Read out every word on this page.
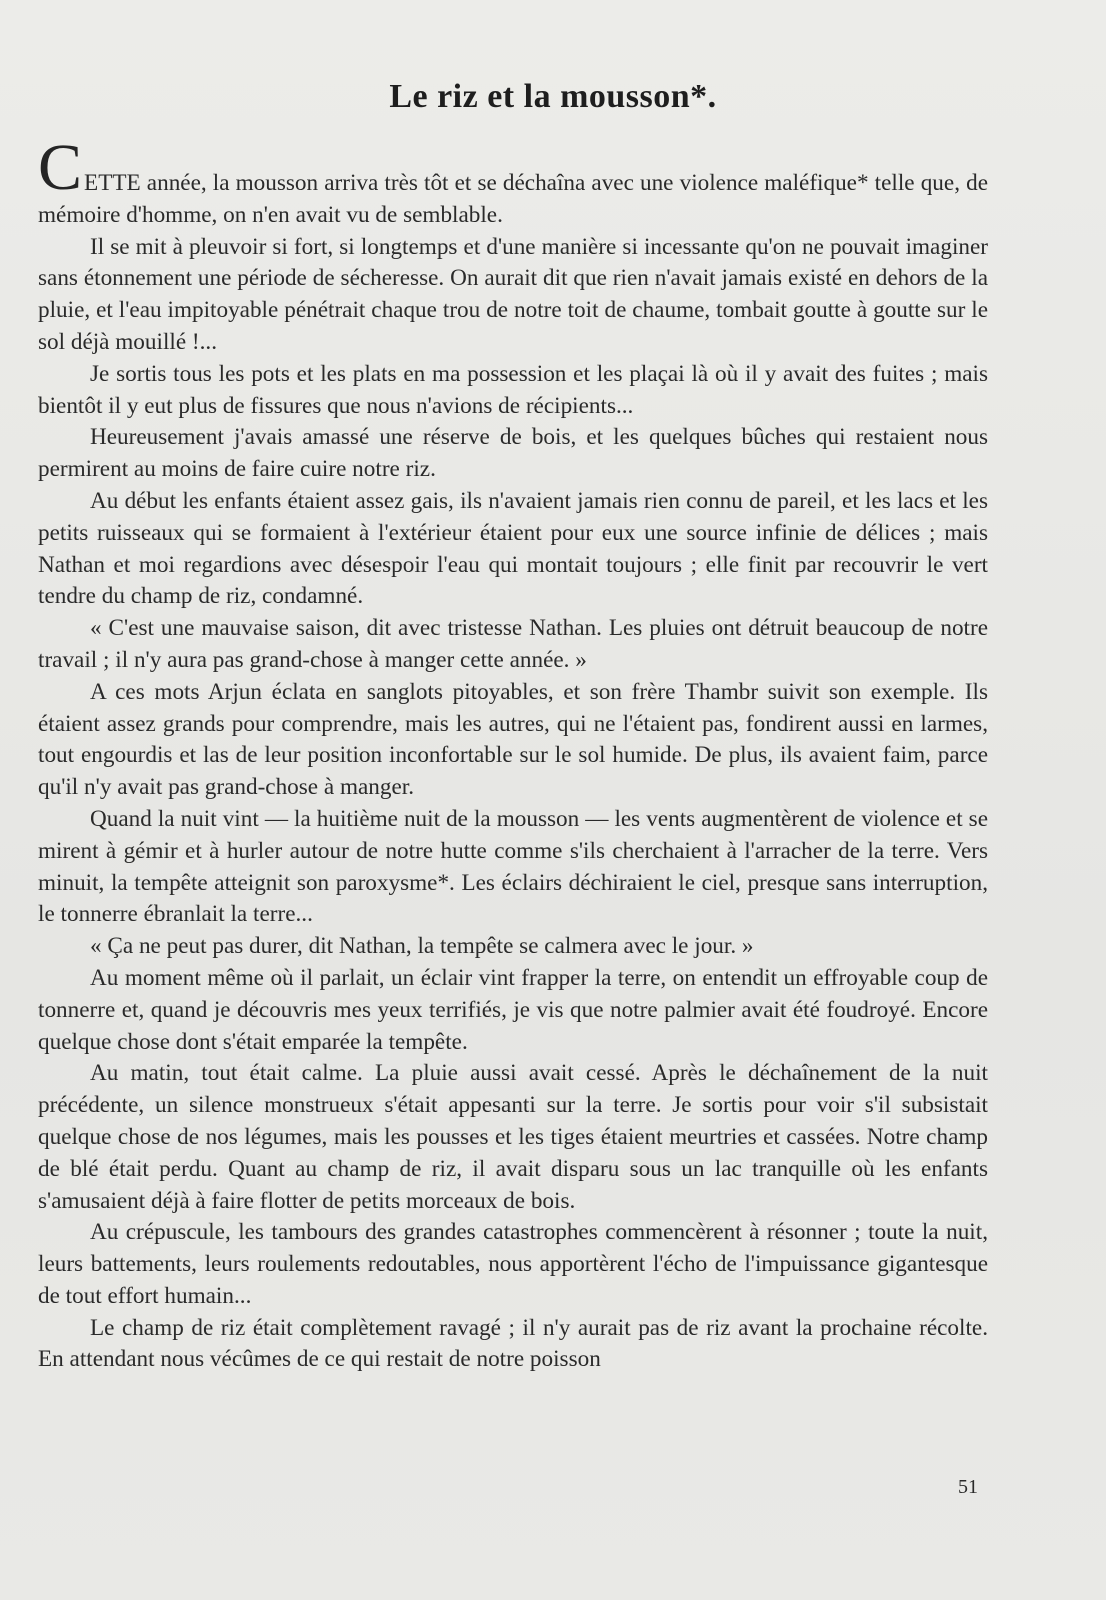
Le riz et la mousson*.

CETTE année, la mousson arriva très tôt et se déchaîna avec une violence maléfique* telle que, de mémoire d'homme, on n'en avait vu de semblable.

Il se mit à pleuvoir si fort, si longtemps et d'une manière si incessante qu'on ne pouvait imaginer sans étonnement une période de sécheresse. On aurait dit que rien n'avait jamais existé en dehors de la pluie, et l'eau impitoyable pénétrait chaque trou de notre toit de chaume, tombait goutte à goutte sur le sol déjà mouillé !...

Je sortis tous les pots et les plats en ma possession et les plaçai là où il y avait des fuites ; mais bientôt il y eut plus de fissures que nous n'avions de récipients...

Heureusement j'avais amassé une réserve de bois, et les quelques bûches qui restaient nous permirent au moins de faire cuire notre riz.

Au début les enfants étaient assez gais, ils n'avaient jamais rien connu de pareil, et les lacs et les petits ruisseaux qui se formaient à l'extérieur étaient pour eux une source infinie de délices ; mais Nathan et moi regardions avec désespoir l'eau qui montait toujours ; elle finit par recouvrir le vert tendre du champ de riz, condamné.

« C'est une mauvaise saison, dit avec tristesse Nathan. Les pluies ont détruit beaucoup de notre travail ; il n'y aura pas grand-chose à manger cette année. »

A ces mots Arjun éclata en sanglots pitoyables, et son frère Thambr suivit son exemple. Ils étaient assez grands pour comprendre, mais les autres, qui ne l'étaient pas, fondirent aussi en larmes, tout engourdis et las de leur position inconfortable sur le sol humide. De plus, ils avaient faim, parce qu'il n'y avait pas grand-chose à manger.

Quand la nuit vint — la huitième nuit de la mousson — les vents augmentèrent de violence et se mirent à gémir et à hurler autour de notre hutte comme s'ils cherchaient à l'arracher de la terre. Vers minuit, la tempête atteignit son paroxysme*. Les éclairs déchiraient le ciel, presque sans interruption, le tonnerre ébranlait la terre...

« Ça ne peut pas durer, dit Nathan, la tempête se calmera avec le jour. »

Au moment même où il parlait, un éclair vint frapper la terre, on entendit un effroyable coup de tonnerre et, quand je découvris mes yeux terrifiés, je vis que notre palmier avait été foudroyé. Encore quelque chose dont s'était emparée la tempête.

Au matin, tout était calme. La pluie aussi avait cessé. Après le déchaînement de la nuit précédente, un silence monstrueux s'était appesanti sur la terre. Je sortis pour voir s'il subsistait quelque chose de nos légumes, mais les pousses et les tiges étaient meurtries et cassées. Notre champ de blé était perdu. Quant au champ de riz, il avait disparu sous un lac tranquille où les enfants s'amusaient déjà à faire flotter de petits morceaux de bois.

Au crépuscule, les tambours des grandes catastrophes commencèrent à résonner ; toute la nuit, leurs battements, leurs roulements redoutables, nous apportèrent l'écho de l'impuissance gigantesque de tout effort humain...

Le champ de riz était complètement ravagé ; il n'y aurait pas de riz avant la prochaine récolte. En attendant nous vécûmes de ce qui restait de notre poisson

51
